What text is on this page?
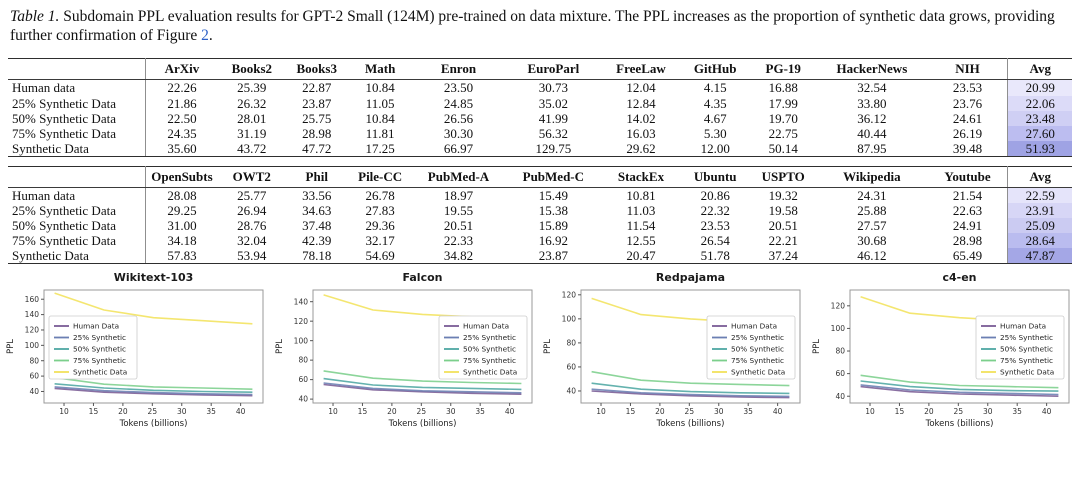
Table 1. Subdomain PPL evaluation results for GPT-2 Small (124M) pre-trained on data mixture. The PPL increases as the proportion of synthetic data grows, providing further confirmation of Figure 2.
	ArXiv	Books2	Books3	Math	Enron	EuroParl	FreeLaw	GitHub	PG-19	HackerNews	NIH	Avg
Human data	22.26	25.39	22.87	10.84	23.50	30.73	12.04	4.15	16.88	32.54	23.53	20.99
25% Synthetic Data	21.86	26.32	23.87	11.05	24.85	35.02	12.84	4.35	17.99	33.80	23.76	22.06
50% Synthetic Data	22.50	28.01	25.75	10.84	26.56	41.99	14.02	4.67	19.70	36.12	24.61	23.48
75% Synthetic Data	24.35	31.19	28.98	11.81	30.30	56.32	16.03	5.30	22.75	40.44	26.19	27.60
Synthetic Data	35.60	43.72	47.72	17.25	66.97	129.75	29.62	12.00	50.14	87.95	39.48	51.93
	OpenSubts	OWT2	Phil	Pile-CC	PubMed-A	PubMed-C	StackEx	Ubuntu	USPTO	Wikipedia	Youtube	Avg
Human data	28.08	25.77	33.56	26.78	18.97	15.49	10.81	20.86	19.32	24.31	21.54	22.59
25% Synthetic Data	29.25	26.94	34.63	27.83	19.55	15.38	11.03	22.32	19.58	25.88	22.63	23.91
50% Synthetic Data	31.00	28.76	37.48	29.36	20.51	15.89	11.54	23.53	20.51	27.57	24.91	25.09
75% Synthetic Data	34.18	32.04	42.39	32.17	22.33	16.92	12.55	26.54	22.21	30.68	28.98	28.64
Synthetic Data	57.83	53.94	78.18	54.69	34.82	23.87	20.47	51.78	37.24	46.12	65.49	47.87
Wikitext-103
40
60
80
100
120
140
160
10	15	20	25	30	35	40
Tokens (billions)
PPL
Human Data
25% Synthetic
50% Synthetic
75% Synthetic
Synthetic Data
Falcon
40
60
80
100
120
140
10	15	20	25	30	35	40
Tokens (billions)
PPL
Human Data
25% Synthetic
50% Synthetic
75% Synthetic
Synthetic Data
Redpajama
40
60
80
100
120
10	15	20	25	30	35	40
Tokens (billions)
PPL
Human Data
25% Synthetic
50% Synthetic
75% Synthetic
Synthetic Data
c4-en
40
60
80
100
120
10	15	20	25	30	35	40
Tokens (billions)
PPL
Human Data
25% Synthetic
50% Synthetic
75% Synthetic
Synthetic Data
